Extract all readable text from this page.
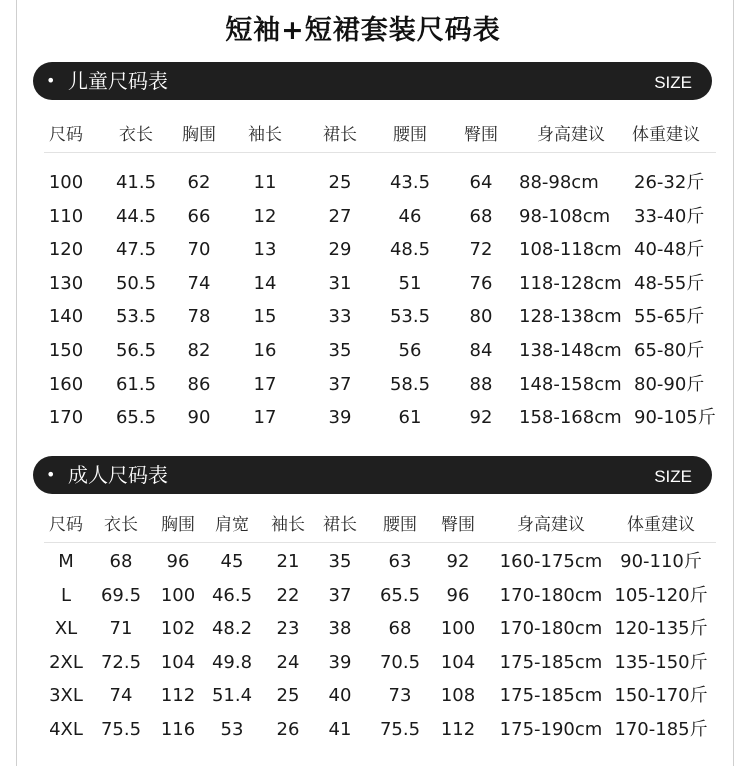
短袖+短裙套装尺码表
• 儿童尺码表	SIZE
尺码 衣长 胸围 袖长 裙长 腰围 臀围 身高建议 体重建议
100 41.5 62 11	25 43.5 64 88-98cm 26-32斤
110 44.5 66 12	27	46	68 98-108cm 33-40斤
120 47.5 70 13	29 48.5 72 108-118cm 40-48斤
130 50.5 74 14	31	51	76 118-128cm 48-55斤
140 53.5 78 15	33 53.5 80 128-138cm 55-65斤
150 56.5 82 16	35	56	84 138-148cm 65-80斤
160 61.5 86 17	37 58.5 88 148-158cm 80-90斤
170 65.5 90 17	39	61	92 158-168cm 90-105斤
• 成人尺码表	SIZE
尺码 衣长 胸围 肩宽 袖长 裙长 腰围 臀围 身高建议 体重建议
M 68 96 45 21 35 63 92 160-175cm 90-110斤
L 69.5 100 46.5 22 37 65.5 96 170-180cm 105-120斤
XL 71 102 48.2 23 38 68 100 170-180cm 120-135斤
2XL 72.5 104 49.8 24 39 70.5 104 175-185cm 135-150斤
3XL 74 112 51.4 25 40 73 108 175-185cm 150-170斤
4XL 75.5 116 53 26 41 75.5 112 175-190cm 170-185斤
